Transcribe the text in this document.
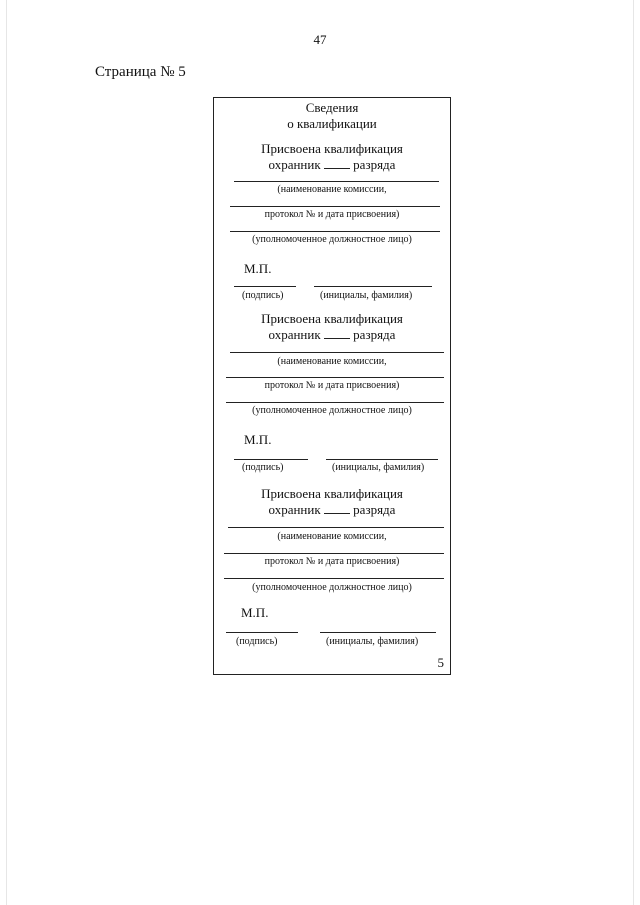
47
Страница № 5
Сведения
о квалификации
Присвоена квалификация
охранник	разряда
(наименование комиссии,
протокол № и дата присвоения)
(уполномоченное должностное лицо)
М.П.
(подпись)	(инициалы, фамилия)
Присвоена квалификация
охранник	разряда
(наименование комиссии,
протокол № и дата присвоения)
(уполномоченное должностное лицо)
М.П.
(подпись)	(инициалы, фамилия)
Присвоена квалификация
охранник	разряда
(наименование комиссии,
протокол № и дата присвоения)
(уполномоченное должностное лицо)
М.П.
(подпись)	(инициалы, фамилия)
5
